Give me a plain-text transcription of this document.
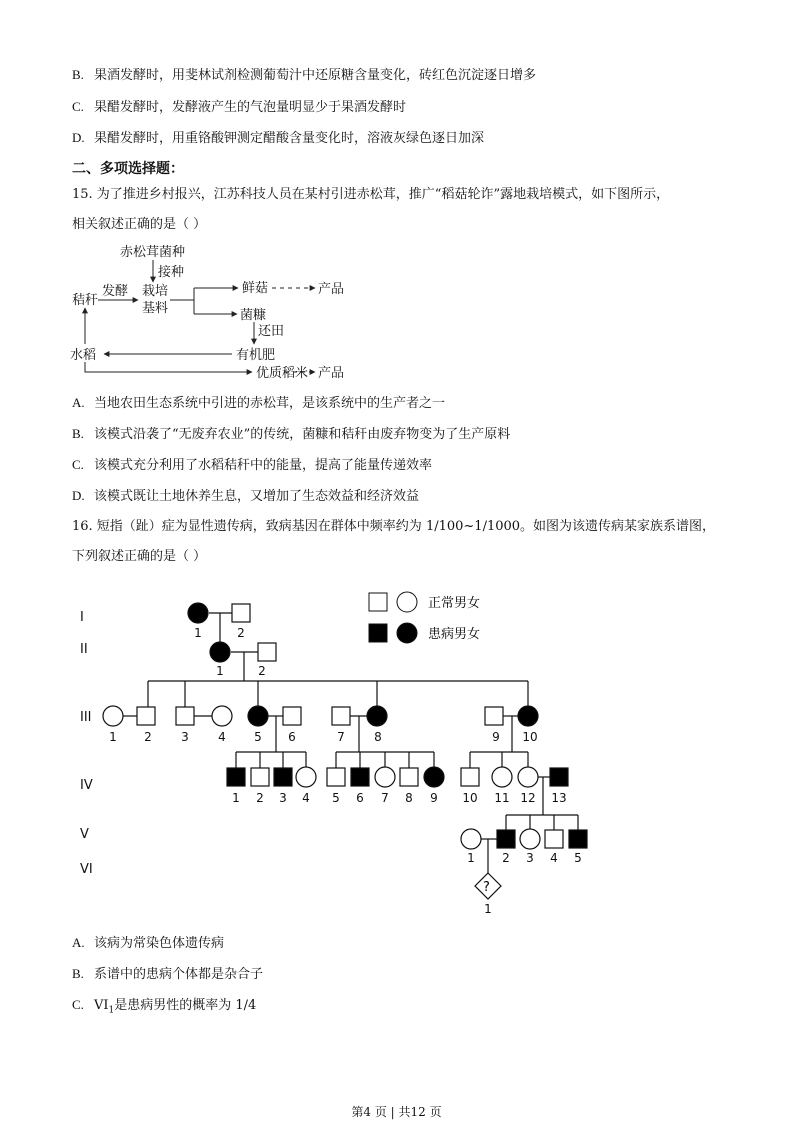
B. 果酒发酵时，用斐林试剂检测葡萄汁中还原糖含量变化，砖红色沉淀逐日增多
C. 果醋发酵时，发酵液产生的气泡量明显少于果酒发酵时
D. 果醋发酵时，用重铬酸钾测定醋酸含量变化时，溶液灰绿色逐日加深
二、多项选择题：
15. 为了推进乡村报兴，江苏科技人员在某村引进赤松茸，推广“稻菇轮诈”露地栽培模式，如下图所示，
相关叙述正确的是（ ）
赤松茸菌种
接种
发酵
秸秆
栽培
基料
鲜菇	产品
菌糠
还田
水稻	有机肥
优质稻米 产品
A. 当地农田生态系统中引进的赤松茸，是该系统中的生产者之一
B. 该模式沿袭了“无废弃农业”的传统，菌糠和秸秆由废弃物变为了生产原料
C. 该模式充分利用了水稻秸秆中的能量，提高了能量传递效率
D. 该模式既让土地休养生息，又增加了生态效益和经济效益
16. 短指（趾）症为显性遗传病，致病基因在群体中频率约为 1/100~1/1000。如图为该遗传病某家族系谱图，
下列叙述正确的是（ ）
I
II
III
IV
V
VI
正常男女
患病男女
?
1	2
1	2
1 2 3 4 5 6	7 8	9 10
1 2 3 4 5 6 7 8 9 10 11 12 13
1 2 3 4 5
1
A. 该病为常染色体遗传病
B. 系谱中的患病个体都是杂合子
C. $VI_1$是患病男性的概率为 1/4
第4 页 | 共12 页
